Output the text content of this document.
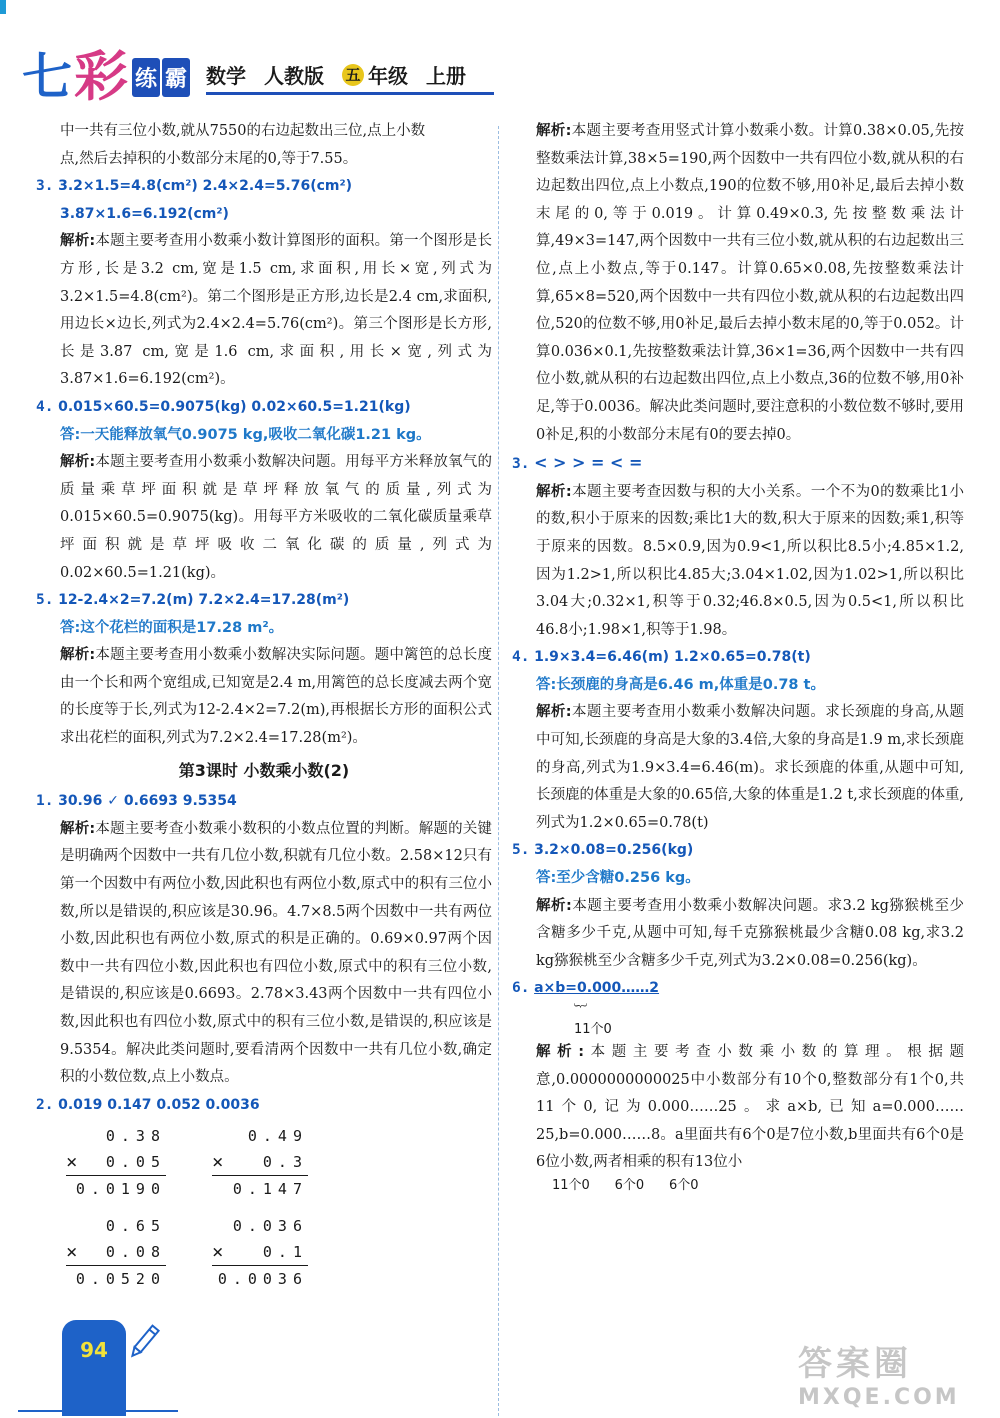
七 彩 练 霸 数学 人教版 五 年级 上册

中一共有三位小数,就从7550的右边起数出三位,点上小数

点,然后去掉积的小数部分末尾的0,等于7.55。

3. 3.2×1.5=4.8(cm²) 2.4×2.4=5.76(cm²)

3.87×1.6=6.192(cm²)

解析:本题主要考查用小数乘小数计算图形的面积。第一个图形是长方形,长是3.2 cm,宽是1.5 cm,求面积,用长×宽,列式为3.2×1.5=4.8(cm²)。第二个图形是正方形,边长是2.4 cm,求面积,用边长×边长,列式为2.4×2.4=5.76(cm²)。第三个图形是长方形,长是3.87 cm,宽是1.6 cm,求面积,用长×宽,列式为3.87×1.6=6.192(cm²)。

4. 0.015×60.5=0.9075(kg) 0.02×60.5=1.21(kg)

答:一天能释放氧气0.9075 kg,吸收二氧化碳1.21 kg。

解析:本题主要考查用小数乘小数解决问题。用每平方米释放氧气的质量乘草坪面积就是草坪释放氧气的质量,列式为0.015×60.5=0.9075(kg)。用每平方米吸收的二氧化碳质量乘草坪面积就是草坪吸收二氧化碳的质量,列式为0.02×60.5=1.21(kg)。

5. 12-2.4×2=7.2(m) 7.2×2.4=17.28(m²)

答:这个花栏的面积是17.28 m²。

解析:本题主要考查用小数乘小数解决实际问题。题中篱笆的总长度由一个长和两个宽组成,已知宽是2.4 m,用篱笆的总长度减去两个宽的长度等于长,列式为12-2.4×2=7.2(m),再根据长方形的面积公式求出花栏的面积,列式为7.2×2.4=17.28(m²)。

第3课时 小数乘小数(2)

1. 30.96 ✓ 0.6693 9.5354

解析:本题主要考查小数乘小数积的小数点位置的判断。解题的关键是明确两个因数中一共有几位小数,积就有几位小数。2.58×12只有第一个因数中有两位小数,因此积也有两位小数,原式中的积有三位小数,所以是错误的,积应该是30.96。4.7×8.5两个因数中一共有两位小数,因此积也有两位小数,原式的积是正确的。0.69×0.97两个因数中一共有四位小数,因此积也有四位小数,原式中的积有三位小数,是错误的,积应该是0.6693。2.78×3.43两个因数中一共有四位小数,因此积也有四位小数,原式中的积有三位小数,是错误的,积应该是9.5354。解决此类问题时,要看清两个因数中一共有几位小数,确定积的小数位数,点上小数点。

2. 0.019 0.147 0.052 0.0036

0.38
× 0.05
0.0190
0.49
×	0.3
0.147
0.65
× 0.08
0.0520
0.036
×	0.1
0.0036

解析:本题主要考查用竖式计算小数乘小数。计算0.38×0.05,先按整数乘法计算,38×5=190,两个因数中一共有四位小数,就从积的右边起数出四位,点上小数点,190的位数不够,用0补足,最后去掉小数末尾的0,等于0.019。计算0.49×0.3,先按整数乘法计算,49×3=147,两个因数中一共有三位小数,就从积的右边起数出三位,点上小数点,等于0.147。计算0.65×0.08,先按整数乘法计算,65×8=520,两个因数中一共有四位小数,就从积的右边起数出四位,520的位数不够,用0补足,最后去掉小数末尾的0,等于0.052。计算0.036×0.1,先按整数乘法计算,36×1=36,两个因数中一共有四位小数,就从积的右边起数出四位,点上小数点,36的位数不够,用0补足,等于0.0036。解决此类问题时,要注意积的小数位数不够时,要用0补足,积的小数部分末尾有0的要去掉0。

3. < > > = < =

解析:本题主要考查因数与积的大小关系。一个不为0的数乘比1小的数,积小于原来的因数;乘比1大的数,积大于原来的因数;乘1,积等于原来的因数。8.5×0.9,因为0.9<1,所以积比8.5小;4.85×1.2,因为1.2>1,所以积比4.85大;3.04×1.02,因为1.02>1,所以积比3.04大;0.32×1,积等于0.32;46.8×0.5,因为0.5<1,所以积比46.8小;1.98×1,积等于1.98。

4. 1.9×3.4=6.46(m) 1.2×0.65=0.78(t)

答:长颈鹿的身高是6.46 m,体重是0.78 t。

解析:本题主要考查用小数乘小数解决问题。求长颈鹿的身高,从题中可知,长颈鹿的身高是大象的3.4倍,大象的身高是1.9 m,求长颈鹿的身高,列式为1.9×3.4=6.46(m)。求长颈鹿的体重,从题中可知,长颈鹿的体重是大象的0.65倍,大象的体重是1.2 t,求长颈鹿的体重,列式为1.2×0.65=0.78(t)

5. 3.2×0.08=0.256(kg)

答:至少含糖0.256 kg。

解析:本题主要考查用小数乘小数解决问题。求3.2 kg猕猴桃至少含糖多少千克,从题中可知,每千克猕猴桃最少含糖0.08 kg,求3.2 kg猕猴桃至少含糖多少千克,列式为3.2×0.08=0.256(kg)。

6. a×b=0.000……2

︸
11个0

解析:本题主要考查小数乘小数的算理。根据题意,0.0000000000025中小数部分有10个0,整数部分有1个0,共11个0,记为0.000……25。求a×b,已知a=0.000……25,b=0.000……8。a里面共有6个0是7位小数,b里面共有6个0是6位小数,两者相乘的积有13位小

11个0 6个0 6个0

94	答案圈
MXQE.COM
